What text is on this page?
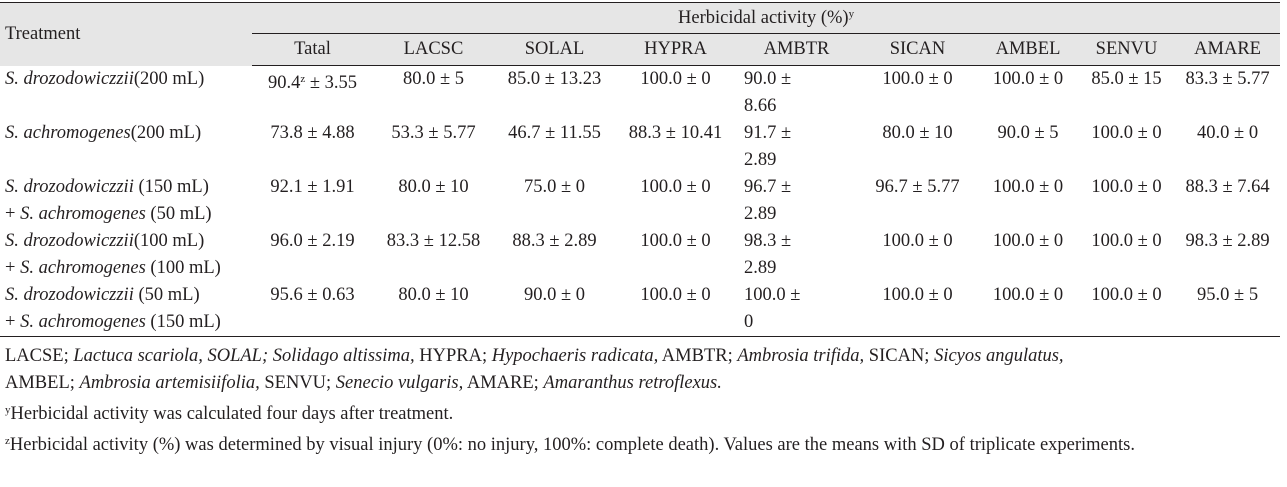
Treatment	Herbicidal activity (%)$^y$
	Tatal	LACSC	SOLAL	HYPRA	AMBTR	SICAN	AMBEL	SENVU	AMARE

S. drozodowiczzii(200 mL)	$90.4^z \pm 3.55$	80.0 ± 5	85.0 ± 13.23	100.0 ± 0	90.0 ± 8.66	100.0 ± 0	100.0 ± 0	85.0 ± 15	83.3 ± 5.77

S. achromogenes(200 mL)	73.8 ± 4.88	53.3 ± 5.77	46.7 ± 11.55	88.3 ± 10.41	91.7 ± 2.89	80.0 ± 10	90.0 ± 5	100.0 ± 0	40.0 ± 0

S. drozodowiczzii (150 mL)
+ S. achromogenes (50 mL)	92.1 ± 1.91	80.0 ± 10	75.0 ± 0	100.0 ± 0	96.7 ± 2.89	96.7 ± 5.77	100.0 ± 0	100.0 ± 0	88.3 ± 7.64

S. drozodowiczzii(100 mL)
+ S. achromogenes (100 mL)	96.0 ± 2.19	83.3 ± 12.58	88.3 ± 2.89	100.0 ± 0	98.3 ± 2.89	100.0 ± 0	100.0 ± 0	100.0 ± 0	98.3 ± 2.89

S. drozodowiczzii (50 mL)
+ S. achromogenes (150 mL)	95.6 ± 0.63	80.0 ± 10	90.0 ± 0	100.0 ± 0	100.0 ± 0	100.0 ± 0	100.0 ± 0	100.0 ± 0	95.0 ± 5

LACSE; Lactuca scariola, SOLAL; Solidago altissima, HYPRA; Hypochaeris radicata, AMBTR; Ambrosia trifida, SICAN; Sicyos angulatus,

AMBEL; Ambrosia artemisiifolia, SENVU; Senecio vulgaris, AMARE; Amaranthus retroflexus.

$^y$Herbicidal activity was calculated four days after treatment.

$^z$Herbicidal activity (%) was determined by visual injury (0%: no injury, 100%: complete death). Values are the means with SD of triplicate experiments.
